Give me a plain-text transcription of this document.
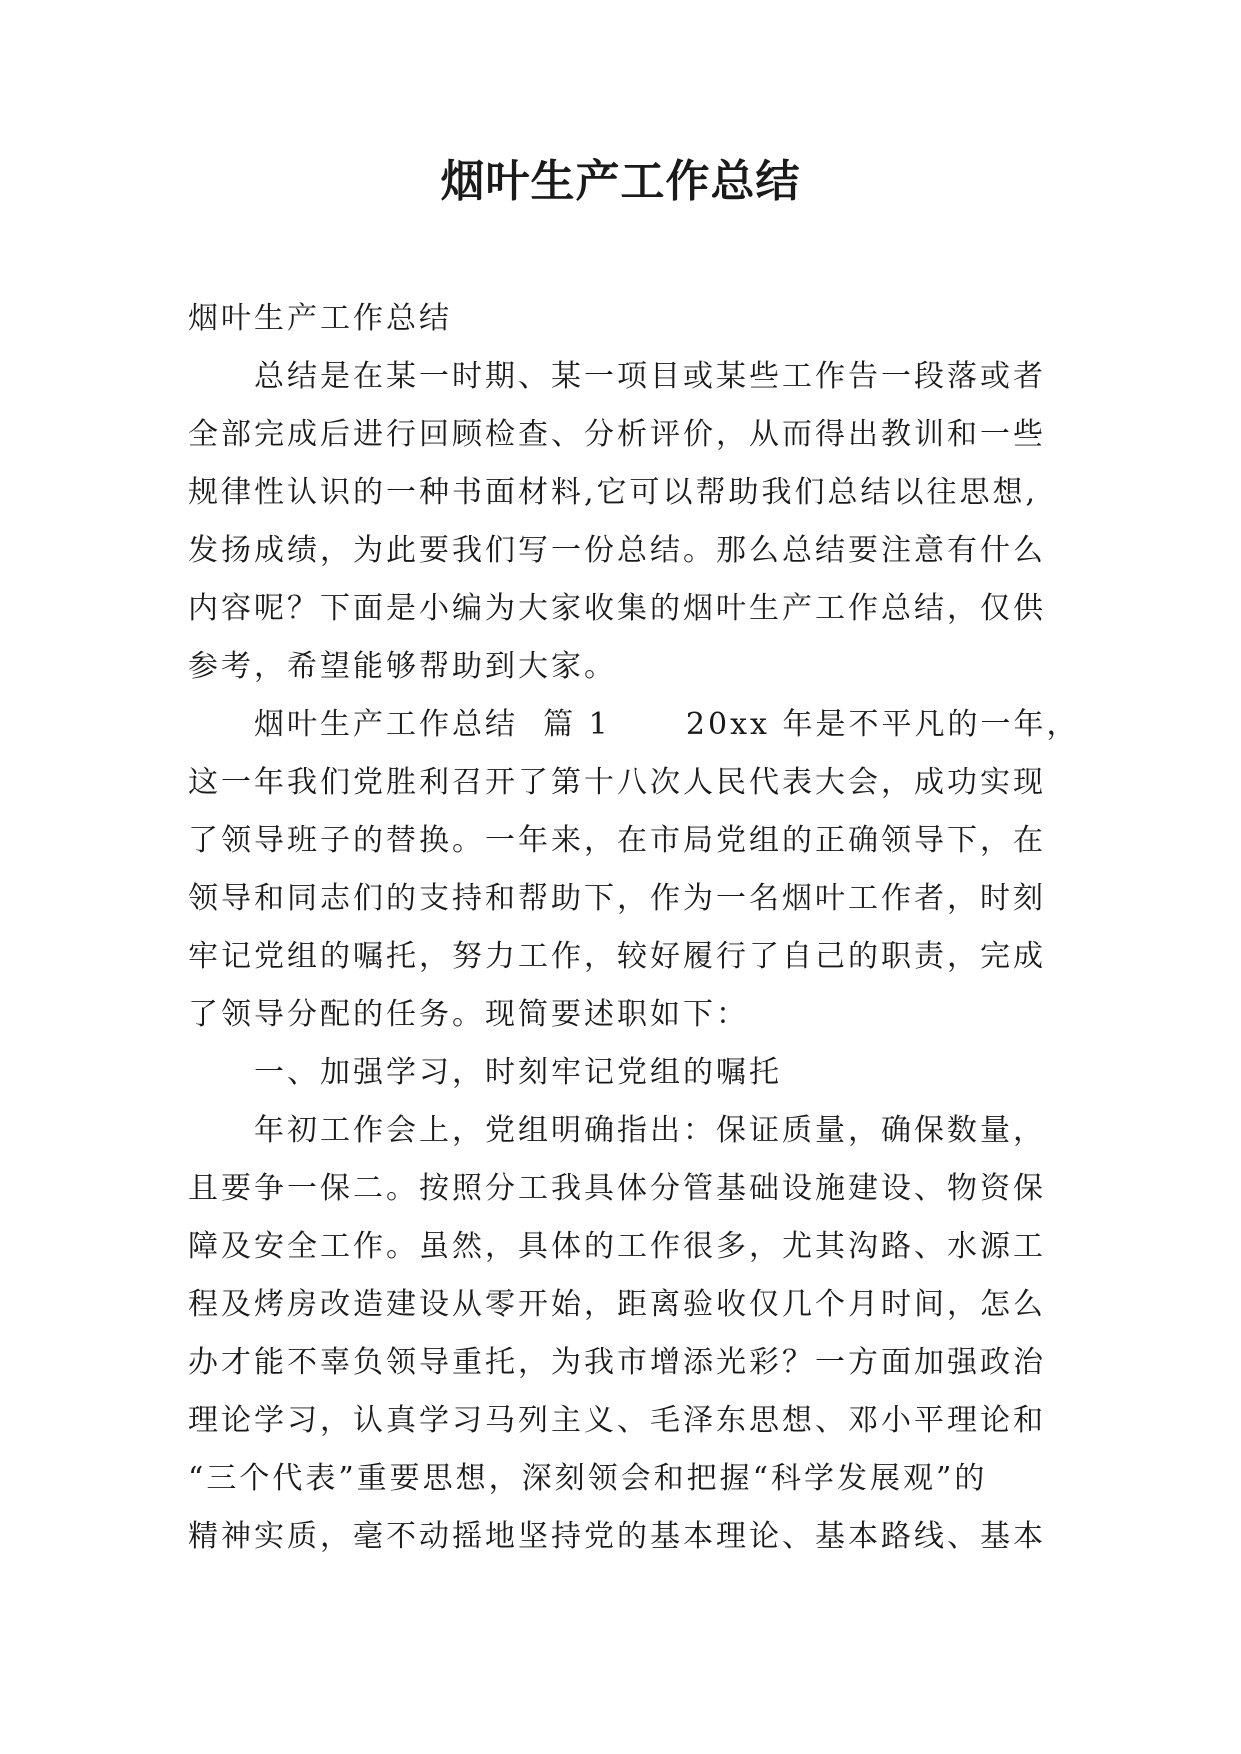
烟叶生产工作总结

烟叶生产工作总结

总结是在某一时期、某一项目或某些工作告一段落或者

全部完成后进行回顾检查、分析评价，从而得出教训和一些

规律性认识的一种书面材料,它可以帮助我们总结以往思想,

发扬成绩，为此要我们写一份总结。那么总结要注意有什么

内容呢？下面是小编为大家收集的烟叶生产工作总结，仅供

参考，希望能够帮助到大家。

烟叶生产工作总结  篇 1      20xx 年是不平凡的一年，

这一年我们党胜利召开了第十八次人民代表大会，成功实现

了领导班子的替换。一年来，在市局党组的正确领导下，在

领导和同志们的支持和帮助下，作为一名烟叶工作者，时刻

牢记党组的嘱托，努力工作，较好履行了自己的职责，完成

了领导分配的任务。现简要述职如下：

一、加强学习，时刻牢记党组的嘱托

年初工作会上，党组明确指出：保证质量，确保数量，

且要争一保二。按照分工我具体分管基础设施建设、物资保

障及安全工作。虽然，具体的工作很多，尤其沟路、水源工

程及烤房改造建设从零开始，距离验收仅几个月时间，怎么

办才能不辜负领导重托，为我市增添光彩？一方面加强政治

理论学习，认真学习马列主义、毛泽东思想、邓小平理论和

“三个代表”重要思想，深刻领会和把握“科学发展观”的

精神实质，毫不动摇地坚持党的基本理论、基本路线、基本
